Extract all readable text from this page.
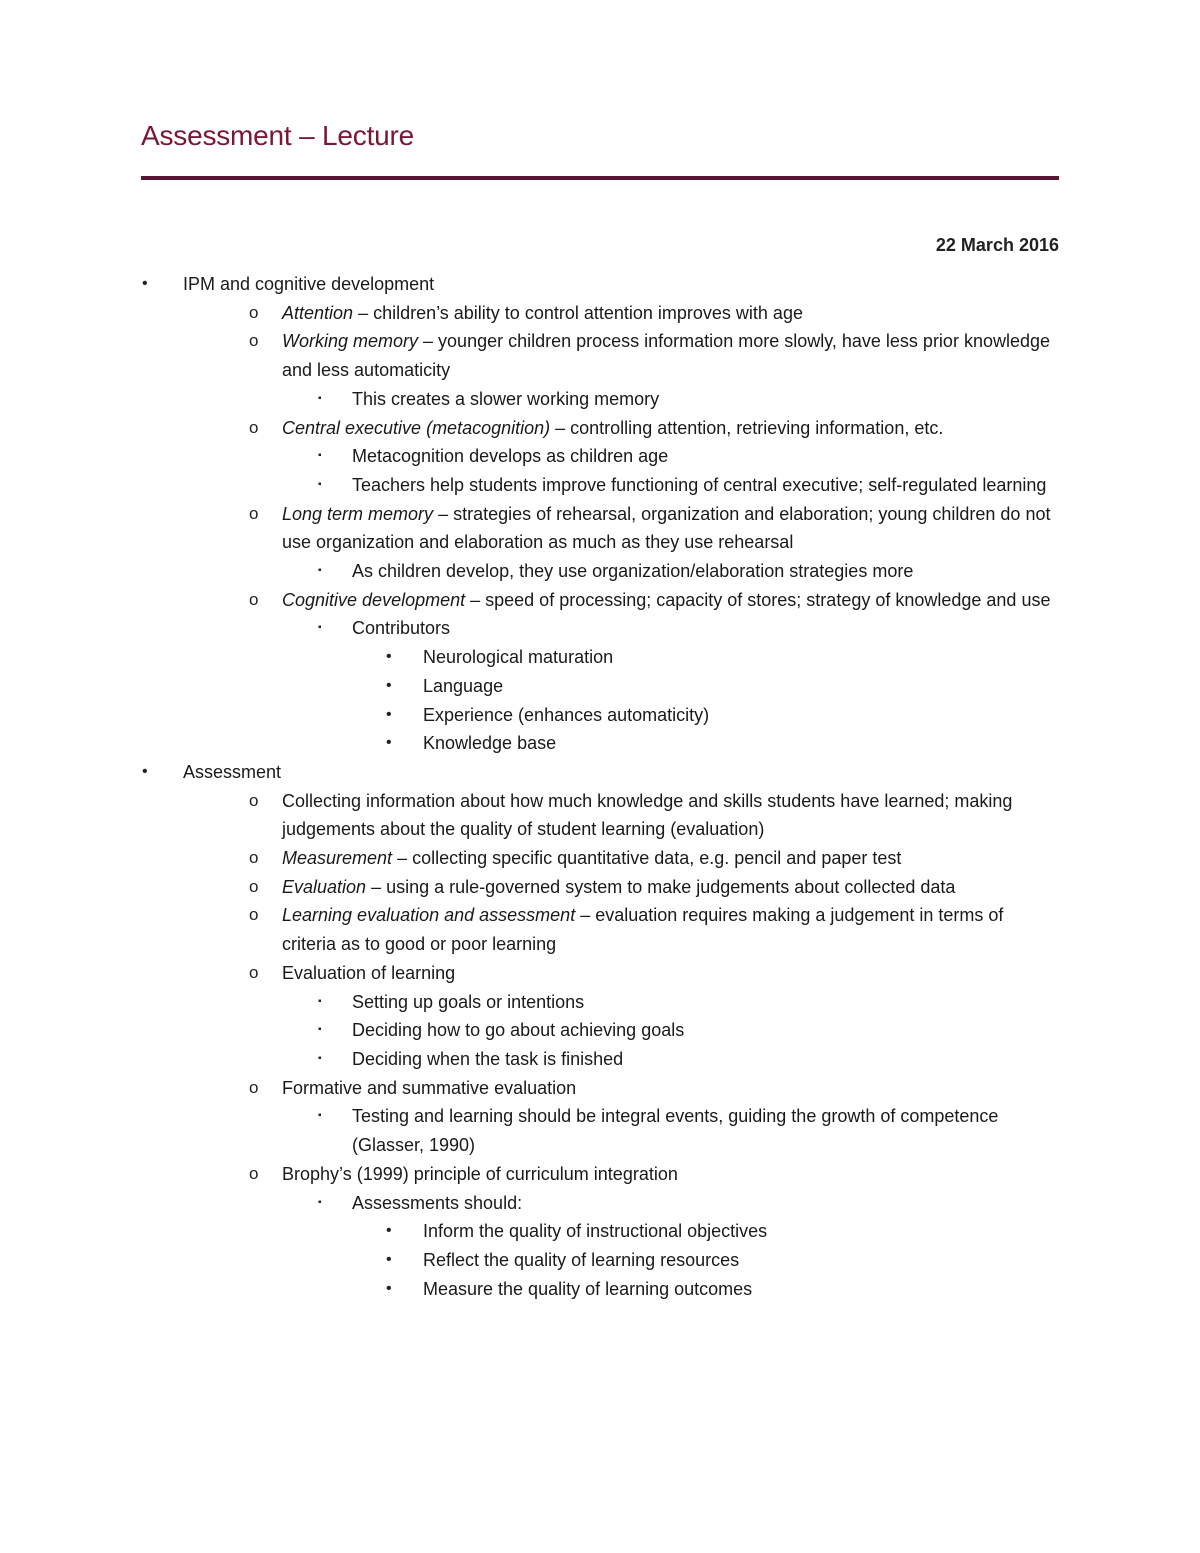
Assessment – Lecture
22 March 2016
•	IPM and cognitive development
o	Attention – children’s ability to control attention improves with age
o	Working memory – younger children process information more slowly, have less prior knowledge and less automaticity
▪	This creates a slower working memory
o	Central executive (metacognition) – controlling attention, retrieving information, etc.
▪	Metacognition develops as children age
▪	Teachers help students improve functioning of central executive; self-regulated learning
o	Long term memory – strategies of rehearsal, organization and elaboration; young children do not use organization and elaboration as much as they use rehearsal
▪	As children develop, they use organization/elaboration strategies more
o	Cognitive development – speed of processing; capacity of stores; strategy of knowledge and use
▪	Contributors
•	Neurological maturation
•	Language
•	Experience (enhances automaticity)
•	Knowledge base
•	Assessment
o	Collecting information about how much knowledge and skills students have learned; making judgements about the quality of student learning (evaluation)
o	Measurement – collecting specific quantitative data, e.g. pencil and paper test
o	Evaluation – using a rule-governed system to make judgements about collected data
o	Learning evaluation and assessment – evaluation requires making a judgement in terms of criteria as to good or poor learning
o	Evaluation of learning
▪	Setting up goals or intentions
▪	Deciding how to go about achieving goals
▪	Deciding when the task is finished
o	Formative and summative evaluation
▪	Testing and learning should be integral events, guiding the growth of competence (Glasser, 1990)
o	Brophy’s (1999) principle of curriculum integration
▪	Assessments should:
•	Inform the quality of instructional objectives
•	Reflect the quality of learning resources
•	Measure the quality of learning outcomes
